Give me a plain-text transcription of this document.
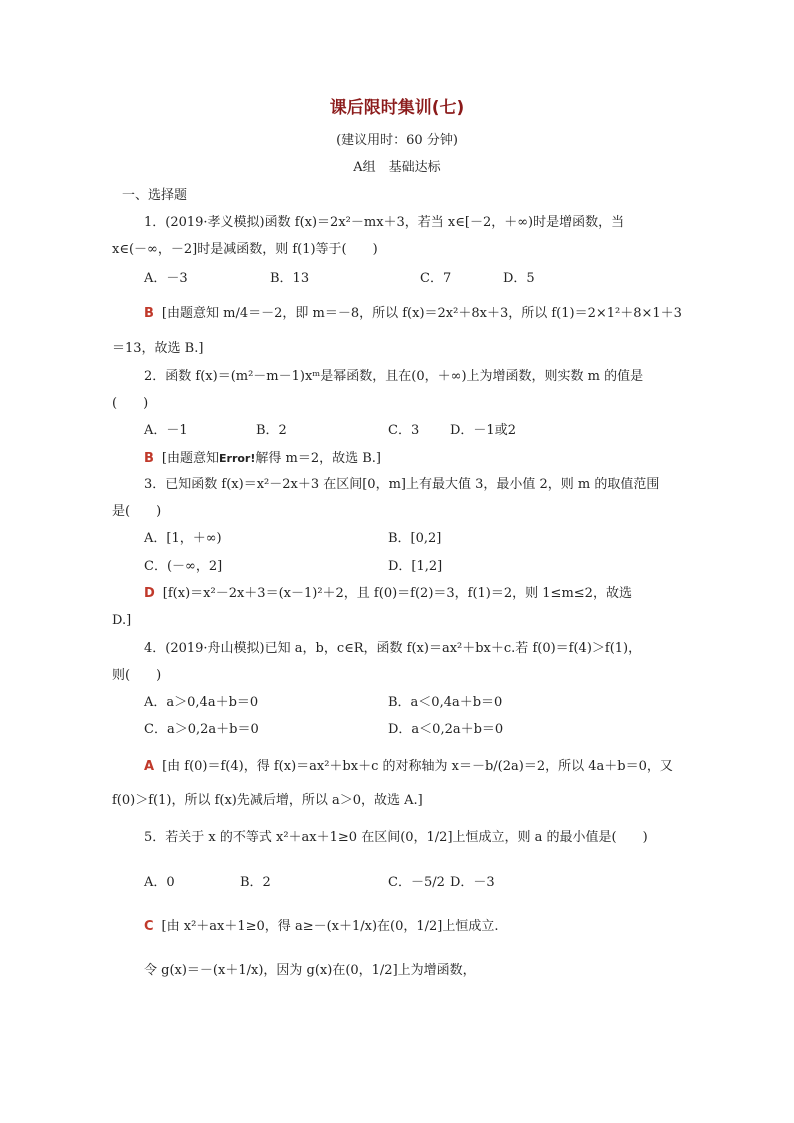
课后限时集训(七)
(建议用时：60 分钟)
A组　基础达标
一、选择题
1．(2019·孝义模拟)函数 f(x)＝2x²－mx＋3，若当 x∈[－2，＋∞)时是增函数，当
x∈(－∞，－2]时是减函数，则 f(1)等于(　　)
A．－3	B．13	C．7	D．5
B [由题意知 m/4＝－2，即 m＝－8，所以 f(x)＝2x²＋8x＋3，所以 f(1)＝2×1²＋8×1＋3
＝13，故选 B.]
2．函数 f(x)＝(m²－m－1)xᵐ是幂函数，且在(0，＋∞)上为增函数，则实数 m 的值是
(　　)
A．－1	B．2	C．3 D．－1或2
B [由题意知Error!解得 m＝2，故选 B.]
3．已知函数 f(x)＝x²－2x＋3 在区间[0，m]上有最大值 3，最小值 2，则 m 的取值范围
是(　　)
A．[1，＋∞)	B．[0,2]
C．(－∞，2]	D．[1,2]
D [f(x)＝x²－2x＋3＝(x－1)²＋2，且 f(0)＝f(2)＝3，f(1)＝2，则 1≤m≤2，故选
D.]
4．(2019·舟山模拟)已知 a，b，c∈R，函数 f(x)＝ax²＋bx＋c.若 f(0)＝f(4)＞f(1)，
则(　　)
A．a＞0,4a＋b＝0	B．a＜0,4a＋b＝0
C．a＞0,2a＋b＝0	D．a＜0,2a＋b＝0
A [由 f(0)＝f(4)，得 f(x)＝ax²＋bx＋c 的对称轴为 x＝－b/(2a)＝2，所以 4a＋b＝0，又
f(0)＞f(1)，所以 f(x)先减后增，所以 a＞0，故选 A.]
5．若关于 x 的不等式 x²＋ax＋1≥0 在区间(0，1/2]上恒成立，则 a 的最小值是(　　)
A．0	B．2	C．－5/2 D．－3
C [由 x²＋ax＋1≥0，得 a≥－(x＋1/x)在(0，1/2]上恒成立.
令 g(x)＝－(x＋1/x)，因为 g(x)在(0，1/2]上为增函数，
